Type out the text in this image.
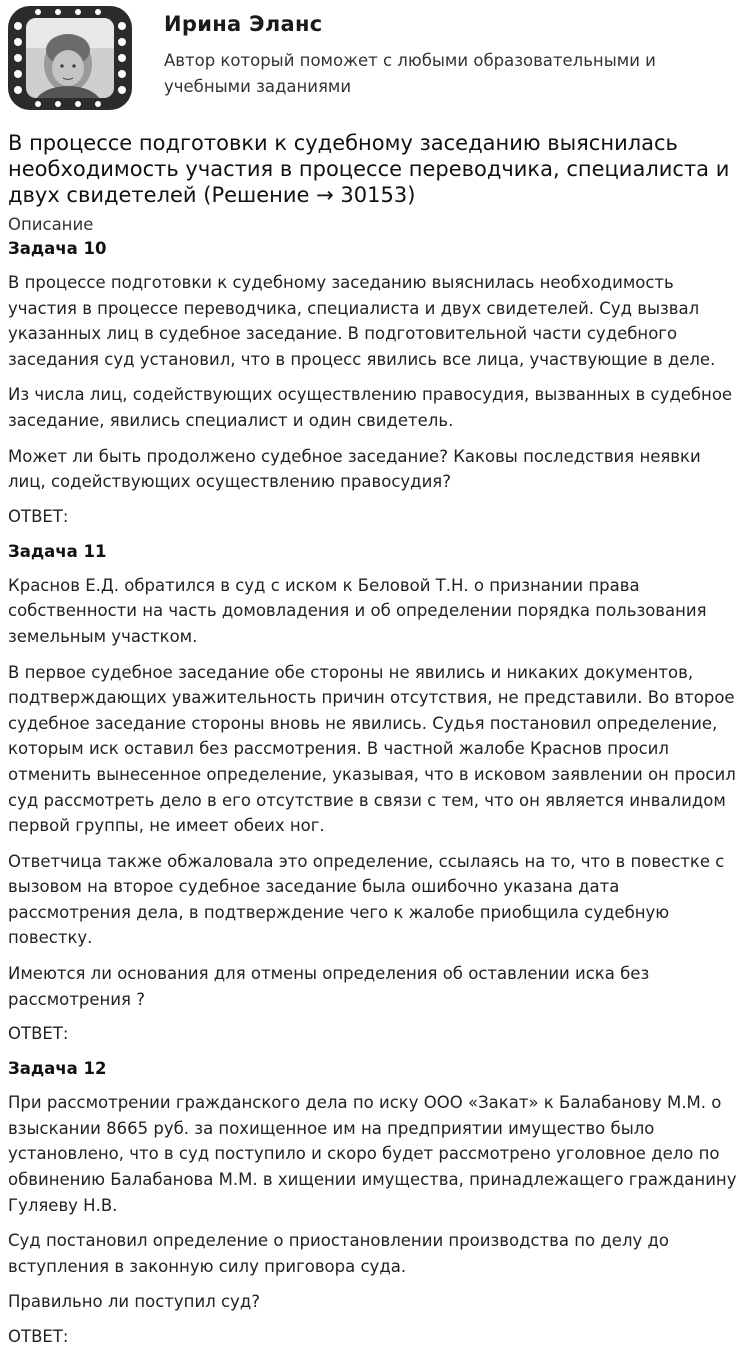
Ирина Эланс
Автор который поможет с любыми образовательными и учебными заданиями
В процессе подготовки к судебному заседанию выяснилась необходимость участия в процессе переводчика, специалиста и двух свидетелей (Решение → 30153)
Описание
Задача 10

В процессе подготовки к судебному заседанию выяснилась необходимость участия в процессе переводчика, специалиста и двух свидетелей. Суд вызвал указанных лиц в судебное заседание. В подготовительной части судебного заседания суд установил, что в процесс явились все лица, участвующие в деле.

Из числа лиц, содействующих осуществлению правосудия, вызванных в судебное заседание, явились специалист и один свидетель.

Может ли быть продолжено судебное заседание? Каковы последствия неявки лиц, содействующих осуществлению правосудия?

ОТВЕТ:

Задача 11

Краснов Е.Д. обратился в суд с иском к Беловой Т.Н. о признании права собственности на часть домовладения и об определении порядка пользования земельным участком.

В первое судебное заседание обе стороны не явились и никаких документов, подтверждающих уважительность причин отсутствия, не представили. Во второе судебное заседание стороны вновь не явились. Судья постановил определение, которым иск оставил без рассмотрения. В частной жалобе Краснов просил отменить вынесенное определение, указывая, что в исковом заявлении он просил суд рассмотреть дело в его отсутствие в связи с тем, что он является инвалидом первой группы, не имеет обеих ног.

Ответчица также обжаловала это определение, ссылаясь на то, что в повестке с вызовом на второе судебное заседание была ошибочно указана дата рассмотрения дела, в подтверждение чего к жалобе приобщила судебную повестку.

Имеются ли основания для отмены определения об оставлении иска без рассмотрения ?

ОТВЕТ:

Задача 12

При рассмотрении гражданского дела по иску ООО «Закат» к Балабанову М.М. о взыскании 8665 руб. за похищенное им на предприятии имущество было установлено, что в суд поступило и скоро будет рассмотрено уголовное дело по обвинению Балабанова М.М. в хищении имущества, принадлежащего гражданину Гуляеву Н.В.

Суд постановил определение о приостановлении производства по делу до вступления в законную силу приговора суда.

Правильно ли поступил суд?

ОТВЕТ:
